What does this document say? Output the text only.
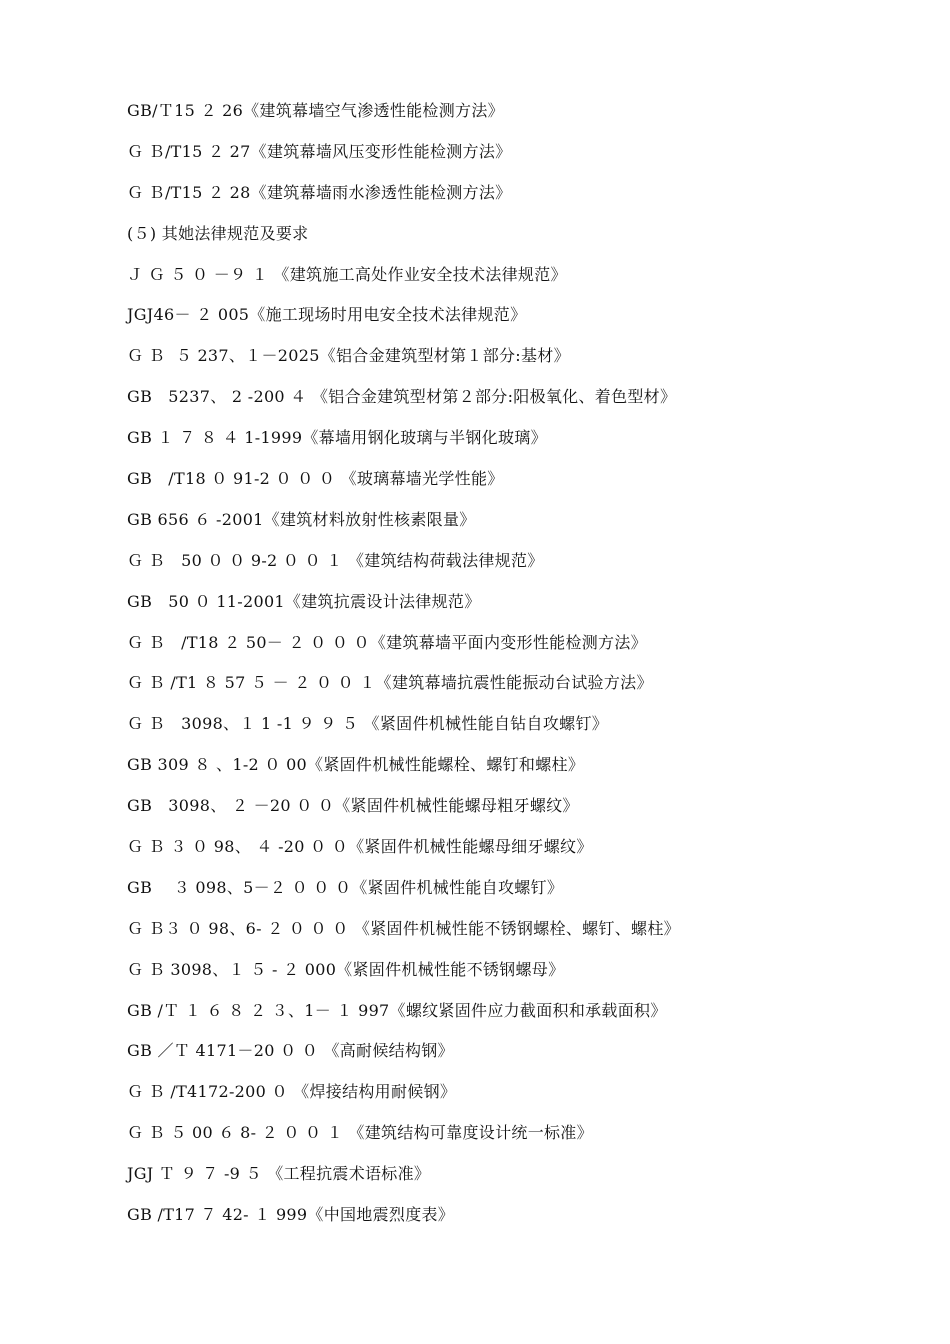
GB/Ｔ15 ２ 26《建筑幕墙空气渗透性能检测方法》
Ｇ Ｂ/T15 ２ 27《建筑幕墙风压变形性能检测方法》
Ｇ Ｂ/T15 ２ 28《建筑幕墙雨水渗透性能检测方法》
(５) 其她法律规范及要求
Ｊ Ｇ ５ ０ －９ １ 《建筑施工高处作业安全技术法律规范》
JGJ46－ ２ 005《施工现场时用电安全技术法律规范》
Ｇ Ｂ  ５ 237、１－2025《铝合金建筑型材第１部分:基材》
GB   5237、 2 -200 ４ 《铝合金建筑型材第２部分:阳极氧化、着色型材》
GB １ ７ ８ ４ 1-1999《幕墙用钢化玻璃与半钢化玻璃》
GB   /T18 ０ 91-2 ０ ０ ０ 《玻璃幕墙光学性能》
GB 656 ６ -2001《建筑材料放射性核素限量》
Ｇ Ｂ   50 ０ ０ 9-2 ０ ０ １ 《建筑结构荷载法律规范》
GB   50 ０ 11-2001《建筑抗震设计法律规范》
Ｇ Ｂ   /T18 ２ 50－ ２ ０ ０ ０《建筑幕墙平面内变形性能检测方法》
Ｇ Ｂ /T1 ８ 57 ５ － ２ ０ ０ １《建筑幕墙抗震性能振动台试验方法》
Ｇ Ｂ   3098、１ 1 -1 ９ ９ ５ 《紧固件机械性能自钻自攻螺钉》
GB 309 ８ 、1-2 ０ 00《紧固件机械性能螺栓、螺钉和螺柱》
GB   3098、 ２ －20 ０ ０《紧固件机械性能螺母粗牙螺纹》
Ｇ Ｂ ３ ０ 98、 ４ -20 ０ ０《紧固件机械性能螺母细牙螺纹》
GB    ３ 098、5－２ ０ ０ ０《紧固件机械性能自攻螺钉》
Ｇ Ｂ３ ０ 98、6- ２ ０ ０ ０ 《紧固件机械性能不锈钢螺栓、螺钉、螺柱》
Ｇ Ｂ 3098、１ ５ - ２ 000《紧固件机械性能不锈钢螺母》
GB /Ｔ １ ６ ８ ２ ３、1－ １ 997《螺纹紧固件应力截面积和承载面积》
GB ／Ｔ 4171－20 ０ ０ 《高耐候结构钢》
Ｇ Ｂ /T4172-200 ０ 《焊接结构用耐候钢》
Ｇ Ｂ ５ 00 ６ 8- ２ ０ ０ １ 《建筑结构可靠度设计统一标准》
JGJ Ｔ ９ ７ -9 ５ 《工程抗震术语标准》
GB /T17 ７ 42- １ 999《中国地震烈度表》
